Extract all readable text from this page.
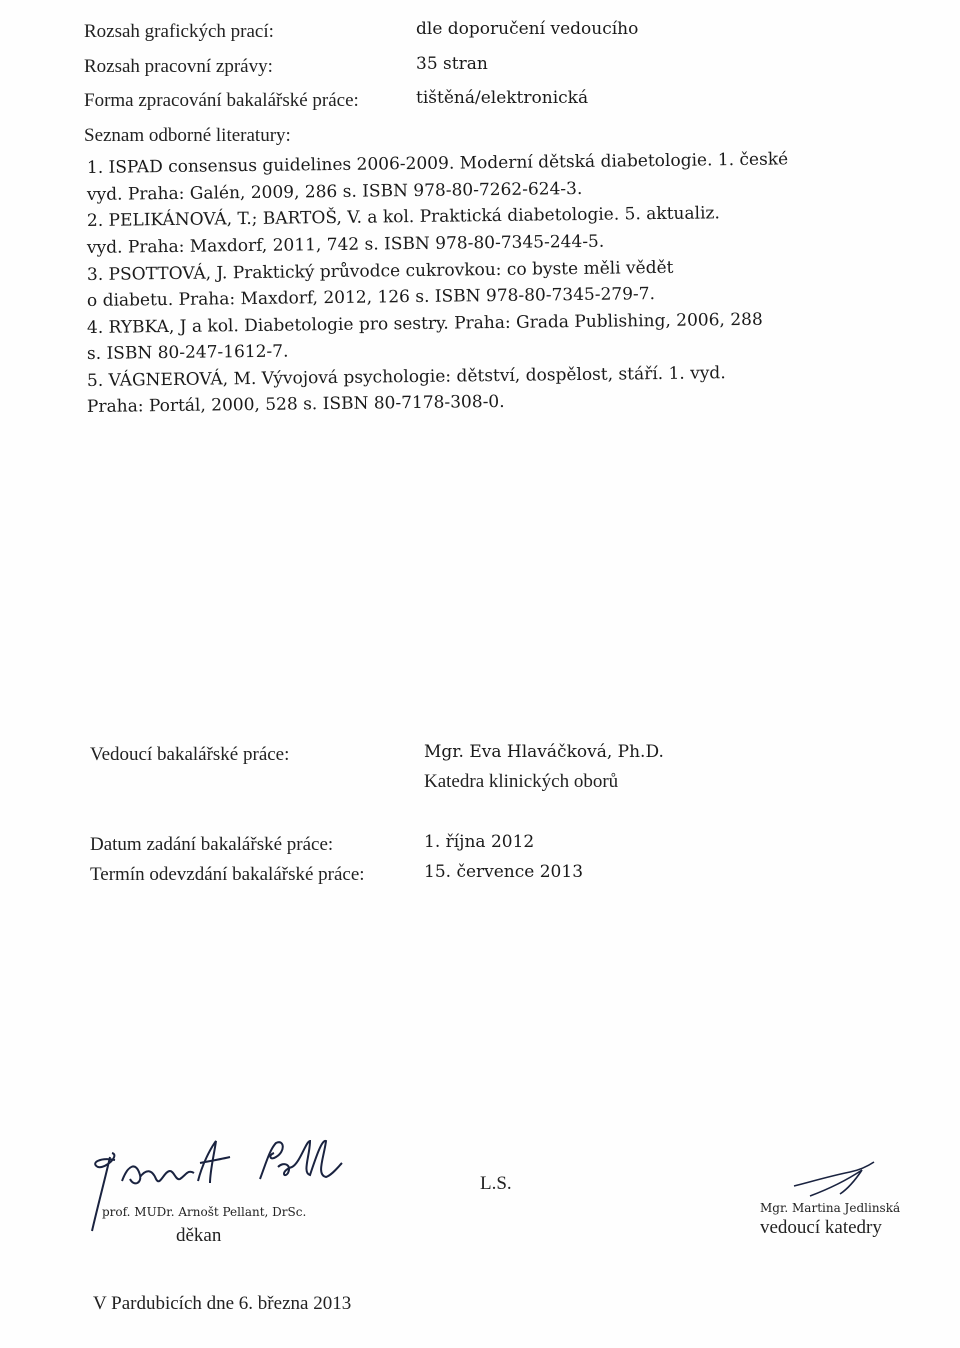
Rozsah grafických prací:	dle doporučení vedoucího
Rozsah pracovní zprávy:	35 stran
Forma zpracování bakalářské práce:	tištěná/elektronická
Seznam odborné literatury:
1. ISPAD consensus guidelines 2006-2009. Moderní dětská diabetologie. 1. české
vyd. Praha: Galén, 2009, 286 s. ISBN 978-80-7262-624-3.
2. PELIKÁNOVÁ, T.; BARTOŠ, V. a kol. Praktická diabetologie. 5. aktualiz.
vyd. Praha: Maxdorf, 2011, 742 s. ISBN 978-80-7345-244-5.
3. PSOTTOVÁ, J. Praktický průvodce cukrovkou: co byste měli vědět
o diabetu. Praha: Maxdorf, 2012, 126 s. ISBN 978-80-7345-279-7.
4. RYBKA, J a kol. Diabetologie pro sestry. Praha: Grada Publishing, 2006, 288
s. ISBN 80-247-1612-7.
5. VÁGNEROVÁ, M. Vývojová psychologie: dětství, dospělost, stáří. 1. vyd.
Praha: Portál, 2000, 528 s. ISBN 80-7178-308-0.
Vedoucí bakalářské práce:	Mgr. Eva Hlaváčková, Ph.D.
Katedra klinických oborů
Datum zadání bakalářské práce:	1. října 2012
Termín odevzdání bakalářské práce:	15. července 2013
prof. MUDr. Arnošt Pellant, DrSc.
děkan
L.S.
Mgr. Martina Jedlinská
vedoucí katedry
V Pardubicích dne 6. března 2013
